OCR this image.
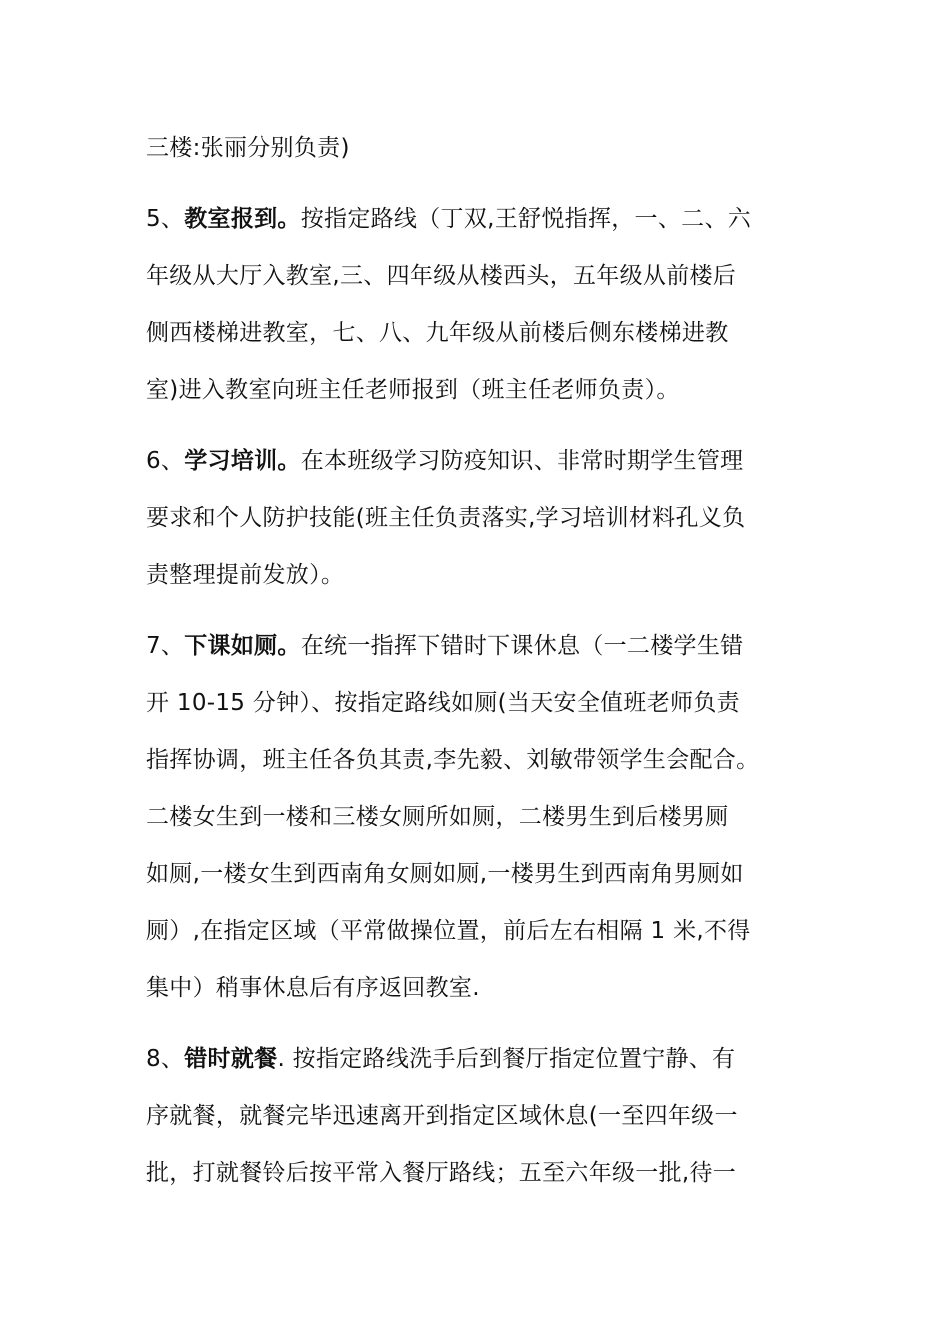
三楼:张丽分别负责)
5、教室报到。按指定路线（丁双,王舒悦指挥，一、二、六
年级从大厅入教室,三、四年级从楼西头，五年级从前楼后
侧西楼梯进教室，七、八、九年级从前楼后侧东楼梯进教
室)进入教室向班主任老师报到（班主任老师负责）。
6、学习培训。在本班级学习防疫知识、非常时期学生管理
要求和个人防护技能(班主任负责落实,学习培训材料孔义负
责整理提前发放）。
7、下课如厕。在统一指挥下错时下课休息（一二楼学生错
开 10-15 分钟）、按指定路线如厕(当天安全值班老师负责
指挥协调，班主任各负其责,李先毅、刘敏带领学生会配合。
二楼女生到一楼和三楼女厕所如厕，二楼男生到后楼男厕
如厕,一楼女生到西南角女厕如厕,一楼男生到西南角男厕如
厕）,在指定区域（平常做操位置，前后左右相隔 1 米,不得
集中）稍事休息后有序返回教室.
8、错时就餐. 按指定路线洗手后到餐厅指定位置宁静、有
序就餐，就餐完毕迅速离开到指定区域休息(一至四年级一
批，打就餐铃后按平常入餐厅路线；五至六年级一批,待一
